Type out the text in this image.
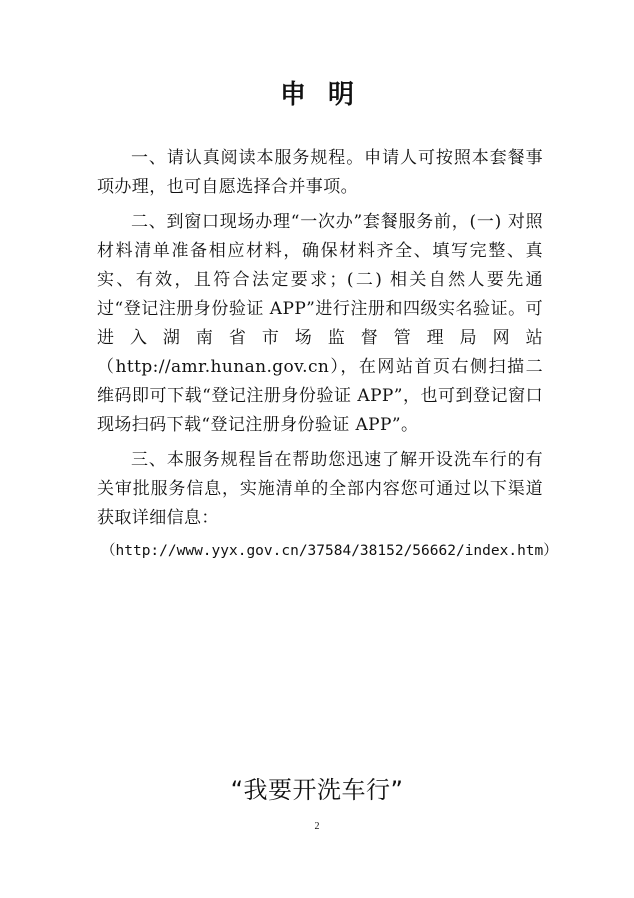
申明

一、请认真阅读本服务规程。申请人可按照本套餐事项办理，也可自愿选择合并事项。

二、到窗口现场办理“一次办”套餐服务前，(一) 对照材料清单准备相应材料，确保材料齐全、填写完整、真实、有效，且符合法定要求；(二) 相关自然人要先通过“登记注册身份验证 APP”进行注册和四级实名验证。可进入湖南省市场监督管理局网站（http://amr.hunan.gov.cn），在网站首页右侧扫描二维码即可下载“登记注册身份验证 APP”，也可到登记窗口现场扫码下载“登记注册身份验证 APP”。

三、本服务规程旨在帮助您迅速了解开设洗车行的有关审批服务信息，实施清单的全部内容您可通过以下渠道获取详细信息：

（http://www.yyx.gov.cn/37584/38152/56662/index.htm）
“我要开洗车行”
2
